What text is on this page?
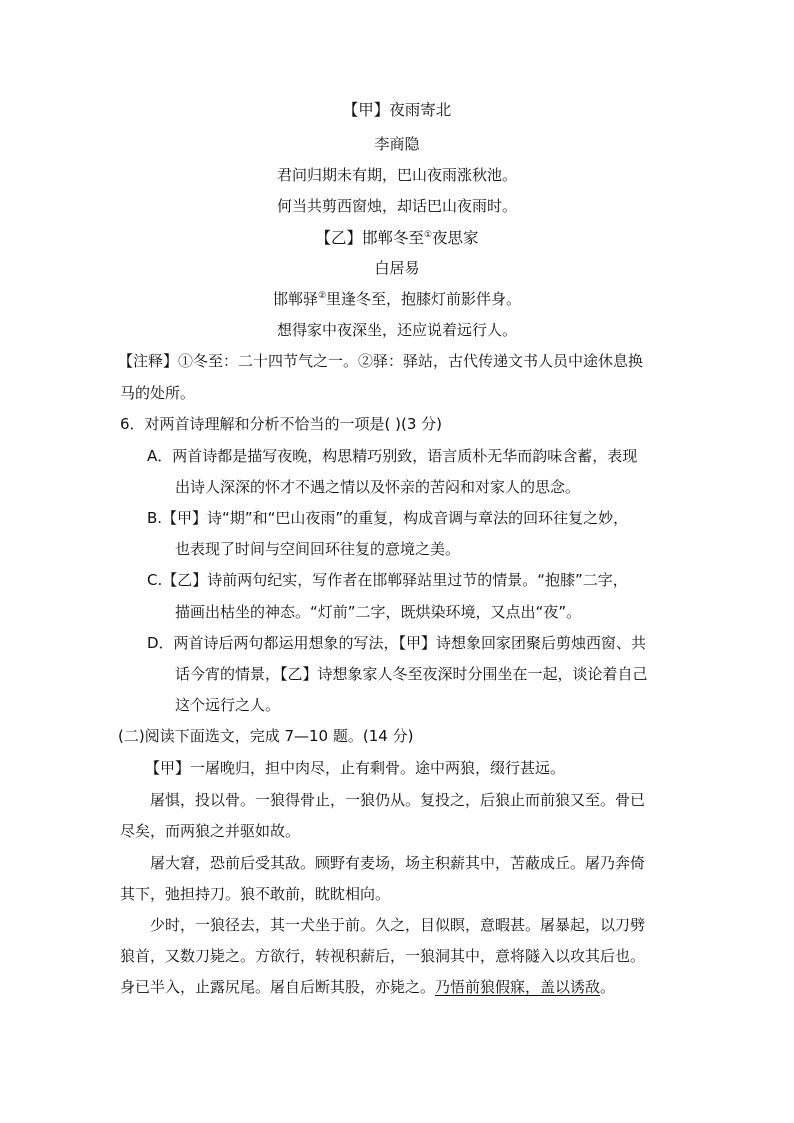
【甲】夜雨寄北
李商隐
君问归期未有期，巴山夜雨涨秋池。
何当共剪西窗烛，却话巴山夜雨时。
【乙】邯郸冬至①夜思家
白居易
邯郸驿②里逢冬至，抱膝灯前影伴身。
想得家中夜深坐，还应说着远行人。
【注释】①冬至：二十四节气之一。②驿：驿站，古代传递文书人员中途休息换
马的处所。
6．对两首诗理解和分析不恰当的一项是( )(3 分)
A．两首诗都是描写夜晚，构思精巧别致，语言质朴无华而韵味含蓄，表现
出诗人深深的怀才不遇之情以及怀亲的苦闷和对家人的思念。
B.【甲】诗“期”和“巴山夜雨”的重复，构成音调与章法的回环往复之妙，
也表现了时间与空间回环往复的意境之美。
C.【乙】诗前两句纪实，写作者在邯郸驿站里过节的情景。“抱膝”二字，
描画出枯坐的神态。“灯前”二字，既烘染环境，又点出“夜”。
D．两首诗后两句都运用想象的写法，【甲】诗想象回家团聚后剪烛西窗、共
话今宵的情景，【乙】诗想象家人冬至夜深时分围坐在一起，谈论着自己
这个远行之人。
(二)阅读下面选文，完成 7—10 题。(14 分)
【甲】一屠晚归，担中肉尽，止有剩骨。途中两狼，缀行甚远。
屠惧，投以骨。一狼得骨止，一狼仍从。复投之，后狼止而前狼又至。骨已
尽矣，而两狼之并驱如故。
屠大窘，恐前后受其敌。顾野有麦场，场主积薪其中，苫蔽成丘。屠乃奔倚
其下，弛担持刀。狼不敢前，眈眈相向。
少时，一狼径去，其一犬坐于前。久之，目似瞑，意暇甚。屠暴起，以刀劈
狼首，又数刀毙之。方欲行，转视积薪后，一狼洞其中，意将隧入以攻其后也。
身已半入，止露尻尾。屠自后断其股，亦毙之。乃悟前狼假寐，盖以诱敌。
